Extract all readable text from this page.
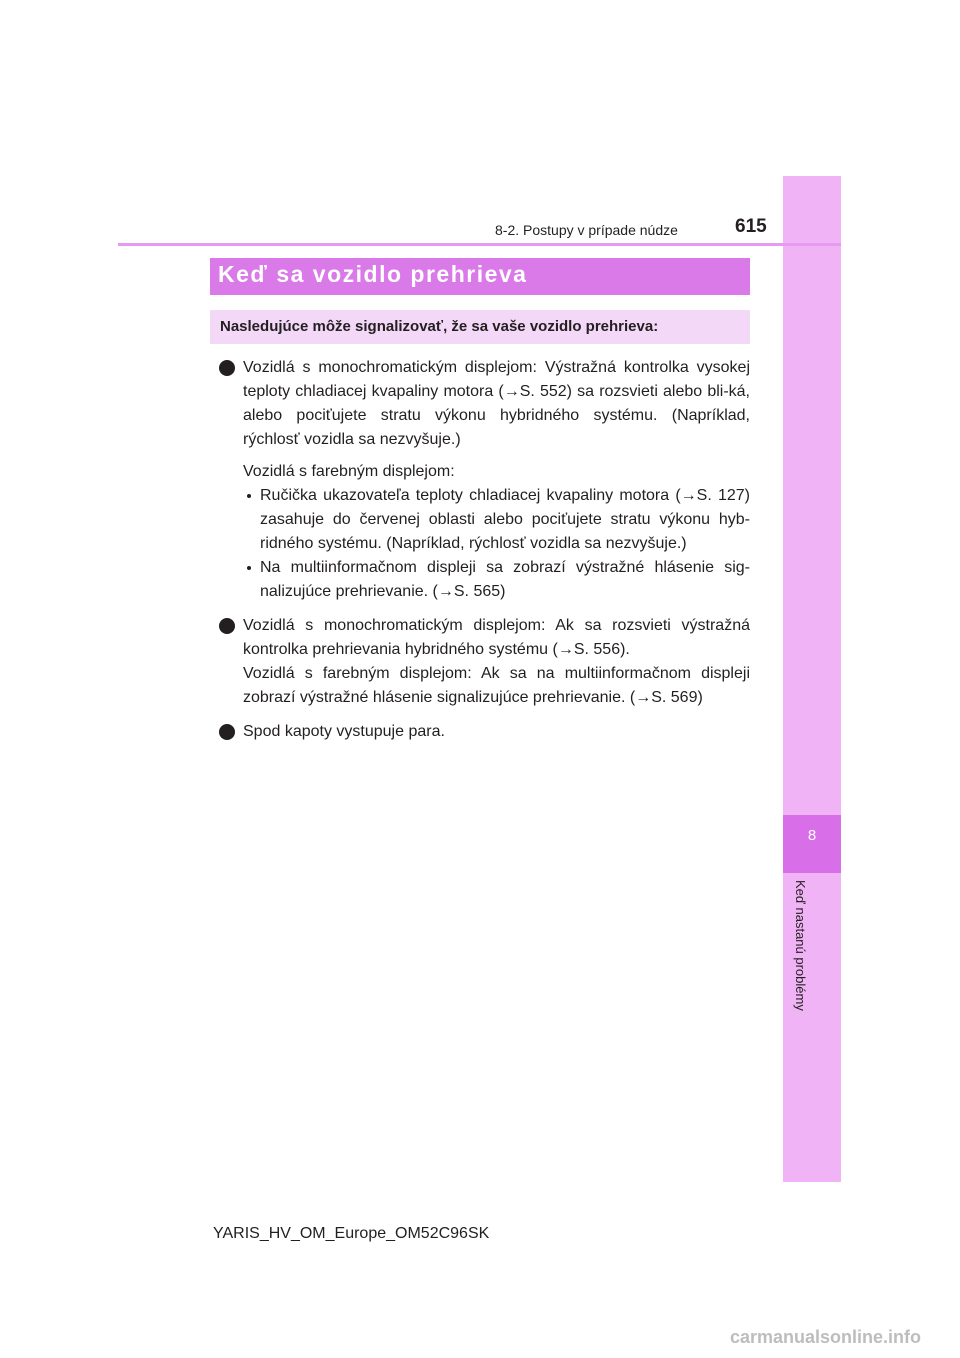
8
Keď nastanú problémy
8-2. Postupy v prípade núdze	615
Keď sa vozidlo prehrieva
Nasledujúce môže signalizovať, že sa vaše vozidlo prehrieva:

Vozidlá s monochromatickým displejom: Výstražná kontrolka vysokej teploty chladiacej kvapaliny motora (→S. 552) sa rozsvieti alebo bli-ká, alebo pociťujete stratu výkonu hybridného systému. (Napríklad, rýchlosť vozidla sa nezvyšuje.)

Vozidlá s farebným displejom:

Ručička ukazovateľa teploty chladiacej kvapaliny motora (→S. 127) zasahuje do červenej oblasti alebo pociťujete stratu výkonu hyb-ridného systému. (Napríklad, rýchlosť vozidla sa nezvyšuje.)
Na multiinformačnom displeji sa zobrazí výstražné hlásenie sig-nalizujúce prehrievanie. (→S. 565)

Vozidlá s monochromatickým displejom: Ak sa rozsvieti výstražná kontrolka prehrievania hybridného systému (→S. 556).

Vozidlá s farebným displejom: Ak sa na multiinformačnom displeji zobrazí výstražné hlásenie signalizujúce prehrievanie. (→S. 569)

Spod kapoty vystupuje para.

YARIS_HV_OM_Europe_OM52C96SK
carmanualsonline.info
